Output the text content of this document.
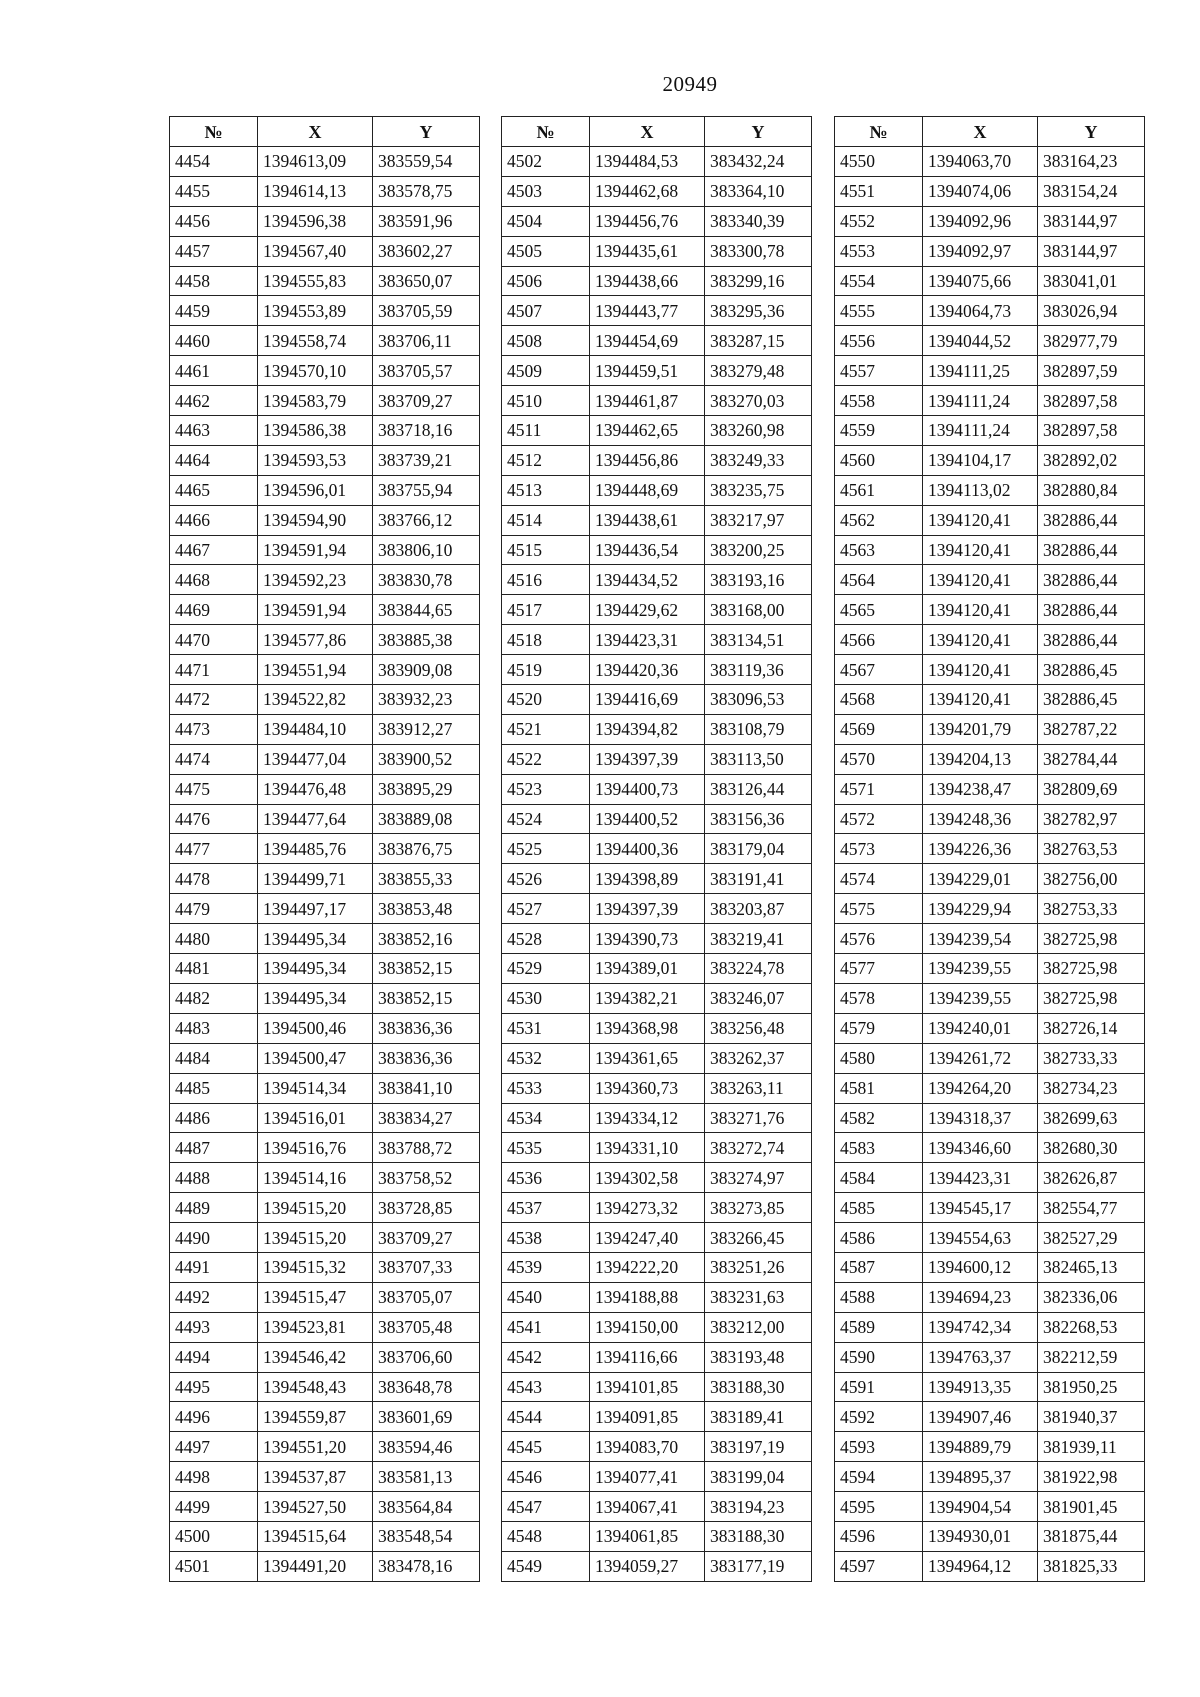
20949
№	X	Y
4454	1394613,09	383559,54
4455	1394614,13	383578,75
4456	1394596,38	383591,96
4457	1394567,40	383602,27
4458	1394555,83	383650,07
4459	1394553,89	383705,59
4460	1394558,74	383706,11
4461	1394570,10	383705,57
4462	1394583,79	383709,27
4463	1394586,38	383718,16
4464	1394593,53	383739,21
4465	1394596,01	383755,94
4466	1394594,90	383766,12
4467	1394591,94	383806,10
4468	1394592,23	383830,78
4469	1394591,94	383844,65
4470	1394577,86	383885,38
4471	1394551,94	383909,08
4472	1394522,82	383932,23
4473	1394484,10	383912,27
4474	1394477,04	383900,52
4475	1394476,48	383895,29
4476	1394477,64	383889,08
4477	1394485,76	383876,75
4478	1394499,71	383855,33
4479	1394497,17	383853,48
4480	1394495,34	383852,16
4481	1394495,34	383852,15
4482	1394495,34	383852,15
4483	1394500,46	383836,36
4484	1394500,47	383836,36
4485	1394514,34	383841,10
4486	1394516,01	383834,27
4487	1394516,76	383788,72
4488	1394514,16	383758,52
4489	1394515,20	383728,85
4490	1394515,20	383709,27
4491	1394515,32	383707,33
4492	1394515,47	383705,07
4493	1394523,81	383705,48
4494	1394546,42	383706,60
4495	1394548,43	383648,78
4496	1394559,87	383601,69
4497	1394551,20	383594,46
4498	1394537,87	383581,13
4499	1394527,50	383564,84
4500	1394515,64	383548,54
4501	1394491,20	383478,16
№	X	Y
4502	1394484,53	383432,24
4503	1394462,68	383364,10
4504	1394456,76	383340,39
4505	1394435,61	383300,78
4506	1394438,66	383299,16
4507	1394443,77	383295,36
4508	1394454,69	383287,15
4509	1394459,51	383279,48
4510	1394461,87	383270,03
4511	1394462,65	383260,98
4512	1394456,86	383249,33
4513	1394448,69	383235,75
4514	1394438,61	383217,97
4515	1394436,54	383200,25
4516	1394434,52	383193,16
4517	1394429,62	383168,00
4518	1394423,31	383134,51
4519	1394420,36	383119,36
4520	1394416,69	383096,53
4521	1394394,82	383108,79
4522	1394397,39	383113,50
4523	1394400,73	383126,44
4524	1394400,52	383156,36
4525	1394400,36	383179,04
4526	1394398,89	383191,41
4527	1394397,39	383203,87
4528	1394390,73	383219,41
4529	1394389,01	383224,78
4530	1394382,21	383246,07
4531	1394368,98	383256,48
4532	1394361,65	383262,37
4533	1394360,73	383263,11
4534	1394334,12	383271,76
4535	1394331,10	383272,74
4536	1394302,58	383274,97
4537	1394273,32	383273,85
4538	1394247,40	383266,45
4539	1394222,20	383251,26
4540	1394188,88	383231,63
4541	1394150,00	383212,00
4542	1394116,66	383193,48
4543	1394101,85	383188,30
4544	1394091,85	383189,41
4545	1394083,70	383197,19
4546	1394077,41	383199,04
4547	1394067,41	383194,23
4548	1394061,85	383188,30
4549	1394059,27	383177,19
№	X	Y
4550	1394063,70	383164,23
4551	1394074,06	383154,24
4552	1394092,96	383144,97
4553	1394092,97	383144,97
4554	1394075,66	383041,01
4555	1394064,73	383026,94
4556	1394044,52	382977,79
4557	1394111,25	382897,59
4558	1394111,24	382897,58
4559	1394111,24	382897,58
4560	1394104,17	382892,02
4561	1394113,02	382880,84
4562	1394120,41	382886,44
4563	1394120,41	382886,44
4564	1394120,41	382886,44
4565	1394120,41	382886,44
4566	1394120,41	382886,44
4567	1394120,41	382886,45
4568	1394120,41	382886,45
4569	1394201,79	382787,22
4570	1394204,13	382784,44
4571	1394238,47	382809,69
4572	1394248,36	382782,97
4573	1394226,36	382763,53
4574	1394229,01	382756,00
4575	1394229,94	382753,33
4576	1394239,54	382725,98
4577	1394239,55	382725,98
4578	1394239,55	382725,98
4579	1394240,01	382726,14
4580	1394261,72	382733,33
4581	1394264,20	382734,23
4582	1394318,37	382699,63
4583	1394346,60	382680,30
4584	1394423,31	382626,87
4585	1394545,17	382554,77
4586	1394554,63	382527,29
4587	1394600,12	382465,13
4588	1394694,23	382336,06
4589	1394742,34	382268,53
4590	1394763,37	382212,59
4591	1394913,35	381950,25
4592	1394907,46	381940,37
4593	1394889,79	381939,11
4594	1394895,37	381922,98
4595	1394904,54	381901,45
4596	1394930,01	381875,44
4597	1394964,12	381825,33
